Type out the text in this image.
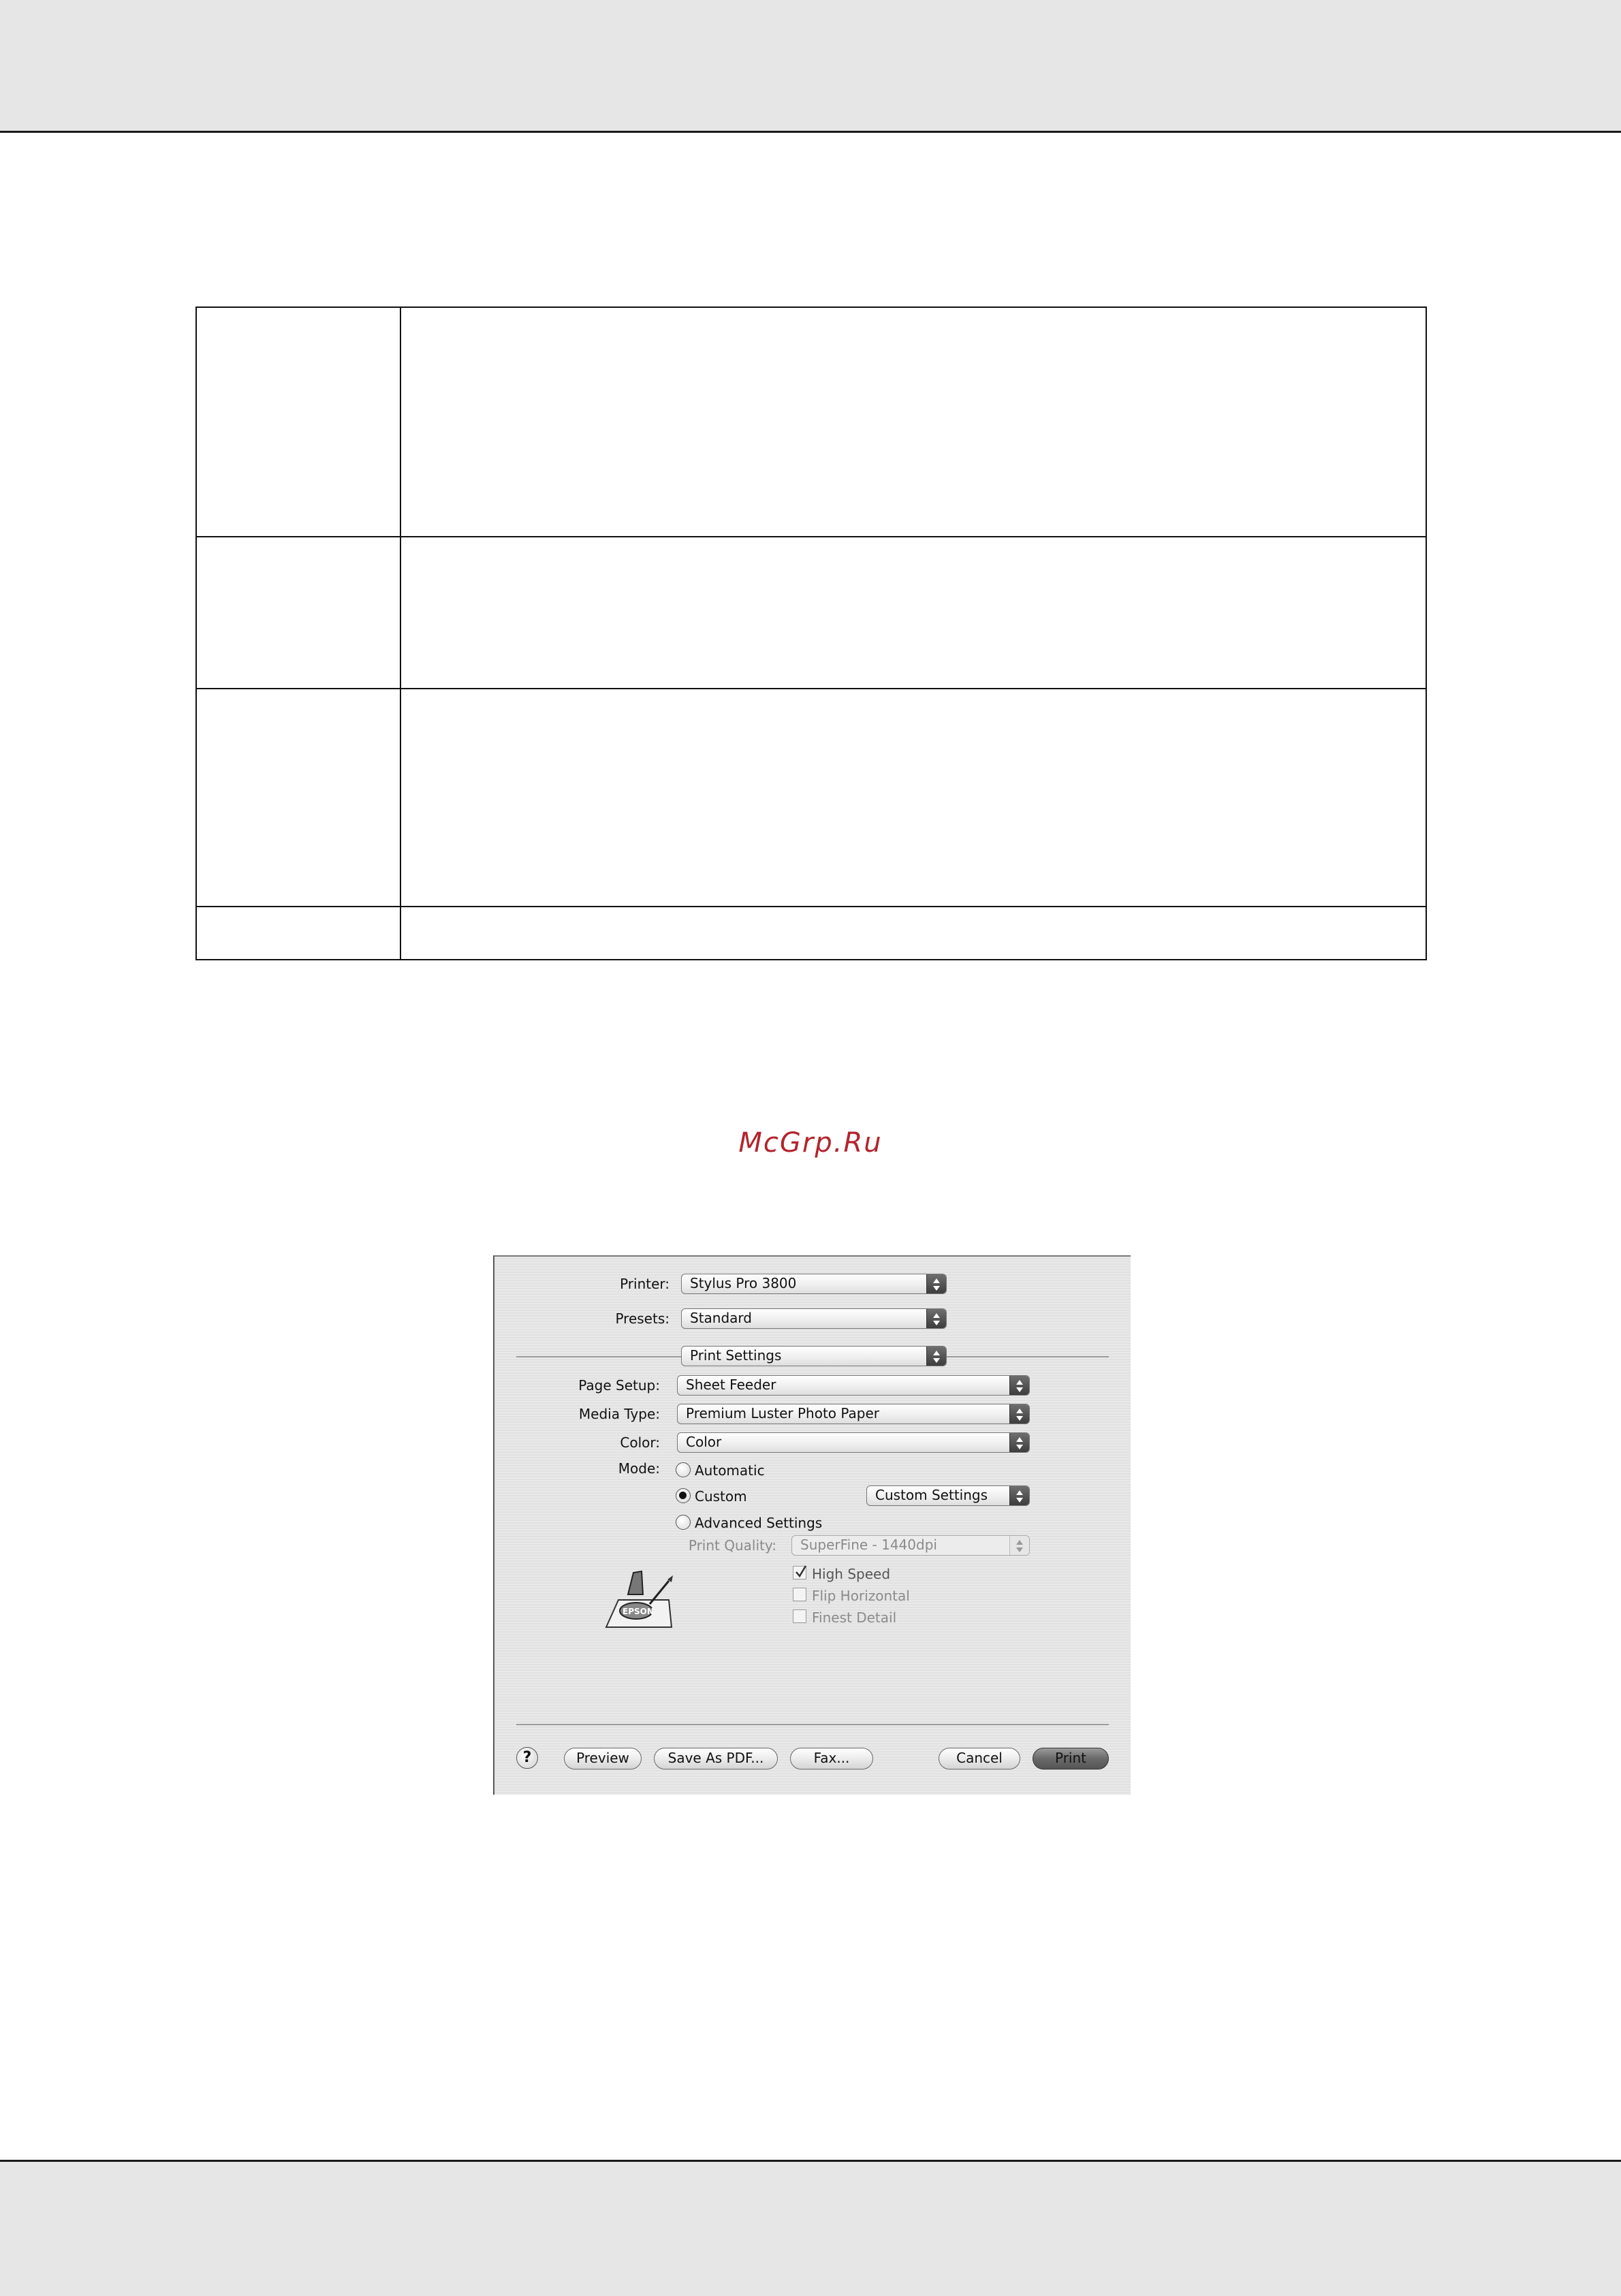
McGrp.Ru
Printer:	Stylus Pro 3800
Presets:	Standard
Print Settings
Page Setup:	Sheet Feeder
Media Type:	Premium Luster Photo Paper
Color:	Color
Mode:	Automatic
Custom	Custom Settings
Advanced Settings
Print Quality:	SuperFine - 1440dpi
High Speed
Flip Horizontal
Finest Detail
EPSON
?	Preview	Save As PDF...	Fax...	Cancel	Print
